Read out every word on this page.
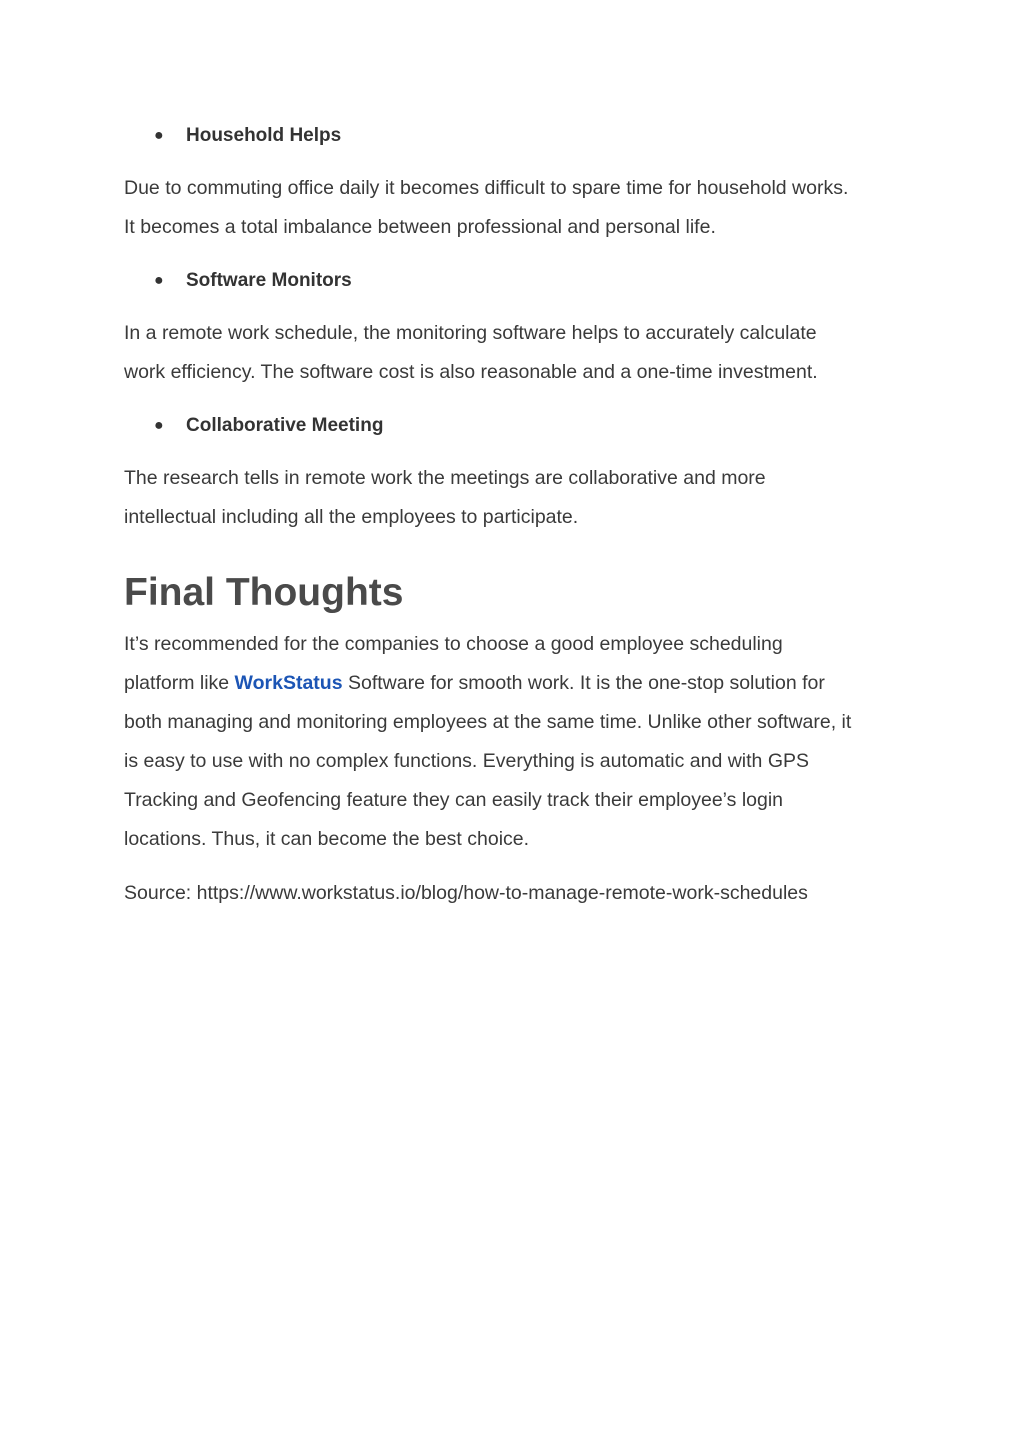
●	Household Helps
Due to commuting office daily it becomes difficult to spare time for household works.
It becomes a total imbalance between professional and personal life.
●	Software Monitors
In a remote work schedule, the monitoring software helps to accurately calculate
work efficiency. The software cost is also reasonable and a one-time investment.
●	Collaborative Meeting
The research tells in remote work the meetings are collaborative and more
intellectual including all the employees to participate.
Final Thoughts
It’s recommended for the companies to choose a good employee scheduling
platform like WorkStatus Software for smooth work. It is the one-stop solution for
both managing and monitoring employees at the same time. Unlike other software, it
is easy to use with no complex functions. Everything is automatic and with GPS
Tracking and Geofencing feature they can easily track their employee’s login
locations. Thus, it can become the best choice.
Source: https://www.workstatus.io/blog/how-to-manage-remote-work-schedules
